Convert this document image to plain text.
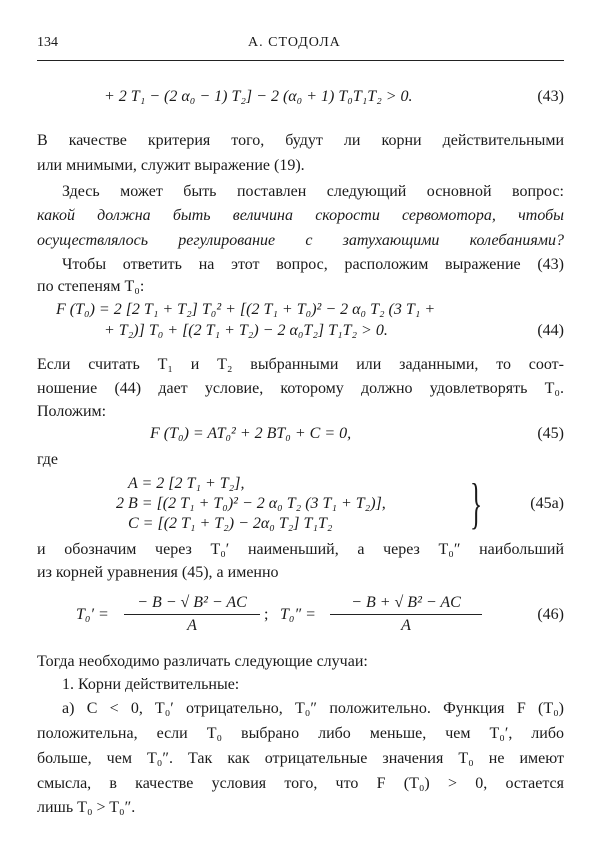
134	А. СТОДОЛА
+ 2 T₁ − (2 α₀ − 1) T₂] − 2 (α₀ + 1) T₀T₁T₂ > 0.	(43)
В качестве критерия того, будут ли корни действительными
или мнимыми, служит выражение (19).
Здесь может быть поставлен следующий основной вопрос:
какой должна быть величина скорости сервомотора, чтобы
осуществлялось регулирование с затухающими колебаниями?
Чтобы ответить на этот вопрос, расположим выражение (43)
по степеням T₀:
F (T₀) = 2 [2 T₁ + T₂] T₀² + [(2 T₁ + T₀)² − 2 α₀ T₂ (3 T₁ +
+ T₂)] T₀ + [(2 T₁ + T₂) − 2 α₀T₂] T₁T₂ > 0.	(44)
Если считать T₁ и T₂ выбранными или заданными, то соот-
ношение (44) дает условие, которому должно удовлетворять T₀.
Положим:
F (T₀) = AT₀² + 2 BT₀ + C = 0,	(45)
где
A = 2 [2 T₁ + T₂],
2 B = [(2 T₁ + T₀)² − 2 α₀ T₂ (3 T₁ + T₂)],
C = [(2 T₁ + T₂) − 2α₀ T₂] T₁T₂ }	(45a)
и обозначим через T₀′ наименьший, а через T₀″ наибольший
из корней уравнения (45), а именно
$T_0' = \frac{\text{− B − √ B² − AC}}{A}$ ; $T_0'' = \frac{\text{− B + √ B² − AC}}{A}$	(46)
Тогда необходимо различать следующие случаи:
1. Корни действительные:
а) C < 0, T₀′ отрицательно, T₀″ положительно. Функция F (T₀)
положительна, если T₀ выбрано либо меньше, чем T₀′, либо
больше, чем T₀″. Так как отрицательные значения T₀ не имеют
смысла, в качестве условия того, что F (T₀) > 0, остается
лишь T₀ > T₀″.
